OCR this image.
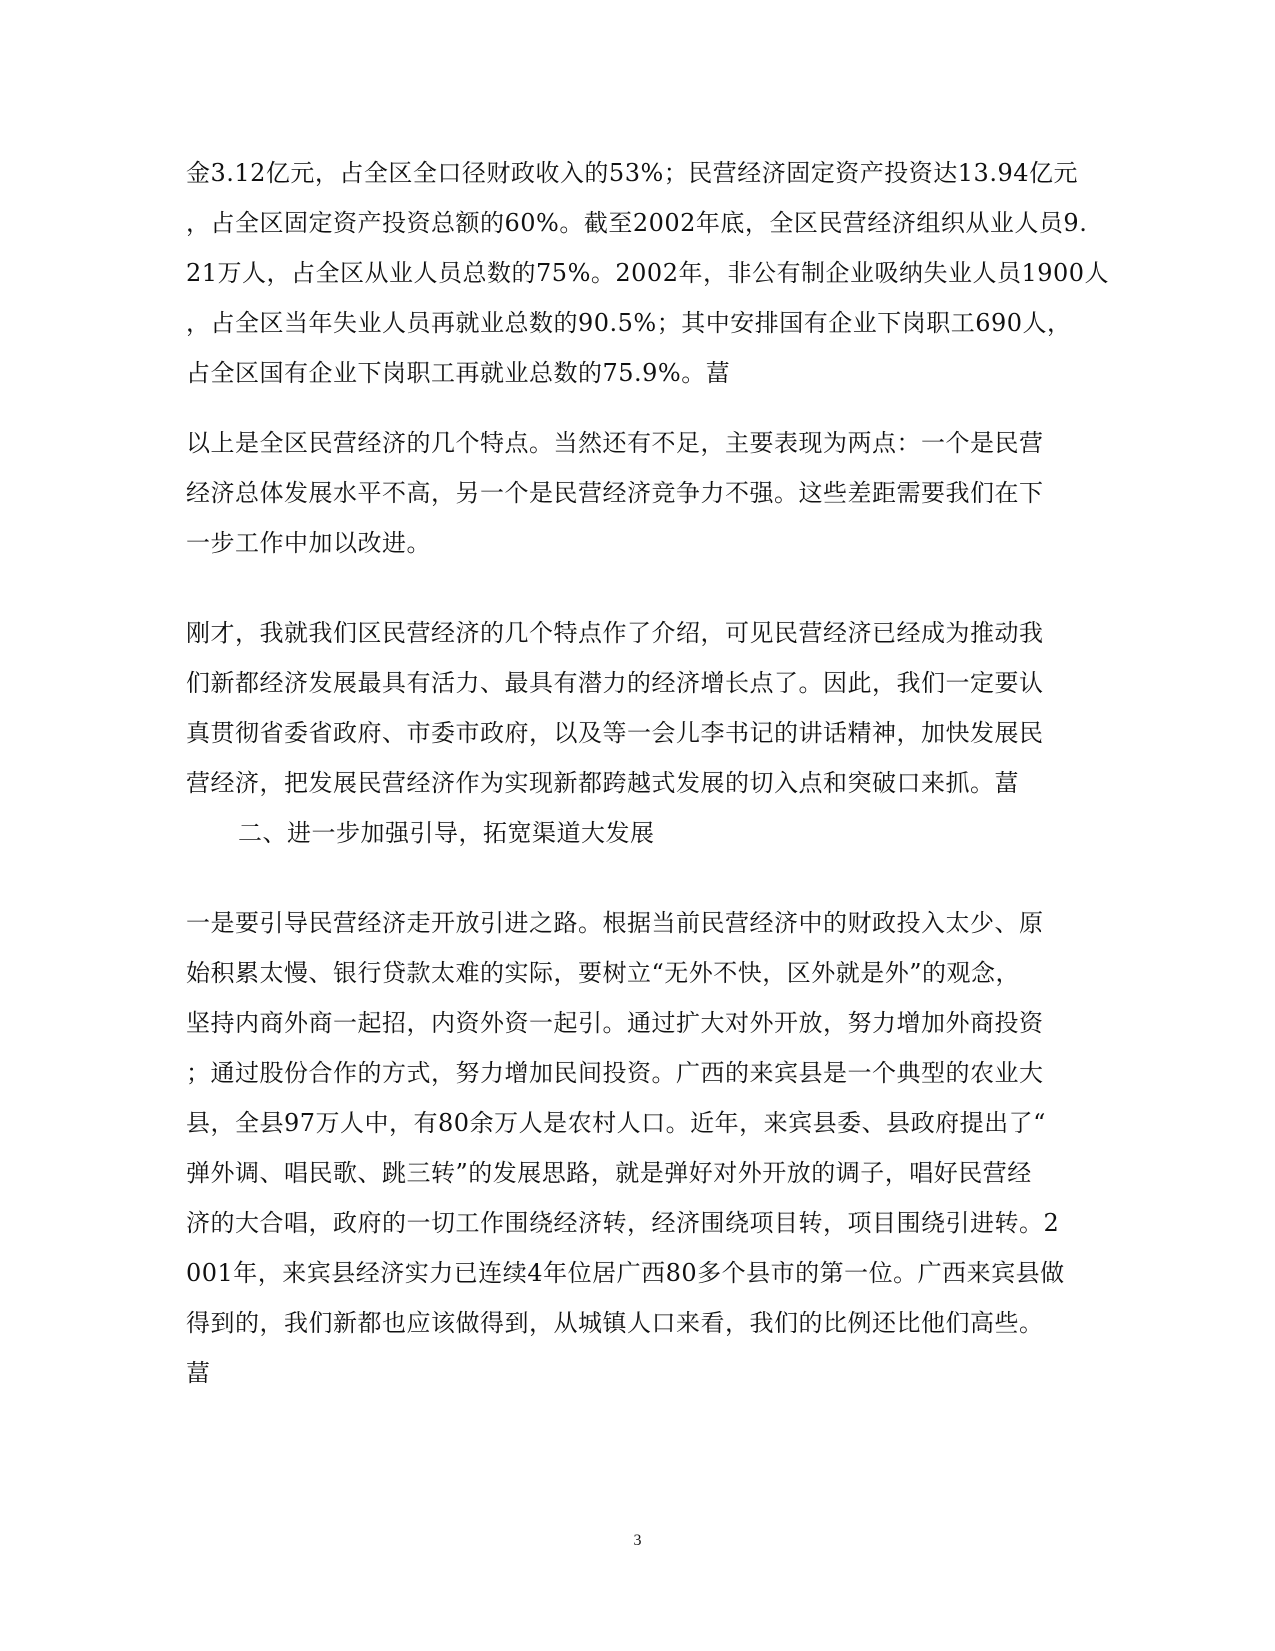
金3.12亿元，占全区全口径财政收入的53%；民营经济固定资产投资达13.94亿元
，占全区固定资产投资总额的60%。截至2002年底，全区民营经济组织从业人员9.
21万人，占全区从业人员总数的75%。2002年，非公有制企业吸纳失业人员1900人
，占全区当年失业人员再就业总数的90.5%；其中安排国有企业下岗职工690人，
占全区国有企业下岗职工再就业总数的75.9%。葍
以上是全区民营经济的几个特点。当然还有不足，主要表现为两点：一个是民营
经济总体发展水平不高，另一个是民营经济竞争力不强。这些差距需要我们在下
一步工作中加以改进。
刚才，我就我们区民营经济的几个特点作了介绍，可见民营经济已经成为推动我
们新都经济发展最具有活力、最具有潜力的经济增长点了。因此，我们一定要认
真贯彻省委省政府、市委市政府，以及等一会儿李书记的讲话精神，加快发展民
营经济，把发展民营经济作为实现新都跨越式发展的切入点和突破口来抓。葍
二、进一步加强引导，拓宽渠道大发展
一是要引导民营经济走开放引进之路。根据当前民营经济中的财政投入太少、原
始积累太慢、银行贷款太难的实际，要树立“无外不快，区外就是外”的观念，
坚持内商外商一起招，内资外资一起引。通过扩大对外开放，努力增加外商投资
；通过股份合作的方式，努力增加民间投资。广西的来宾县是一个典型的农业大
县，全县97万人中，有80余万人是农村人口。近年，来宾县委、县政府提出了“
弹外调、唱民歌、跳三转”的发展思路，就是弹好对外开放的调子，唱好民营经
济的大合唱，政府的一切工作围绕经济转，经济围绕项目转，项目围绕引进转。2
001年，来宾县经济实力已连续4年位居广西80多个县市的第一位。广西来宾县做
得到的，我们新都也应该做得到，从城镇人口来看，我们的比例还比他们高些。
葍
3
